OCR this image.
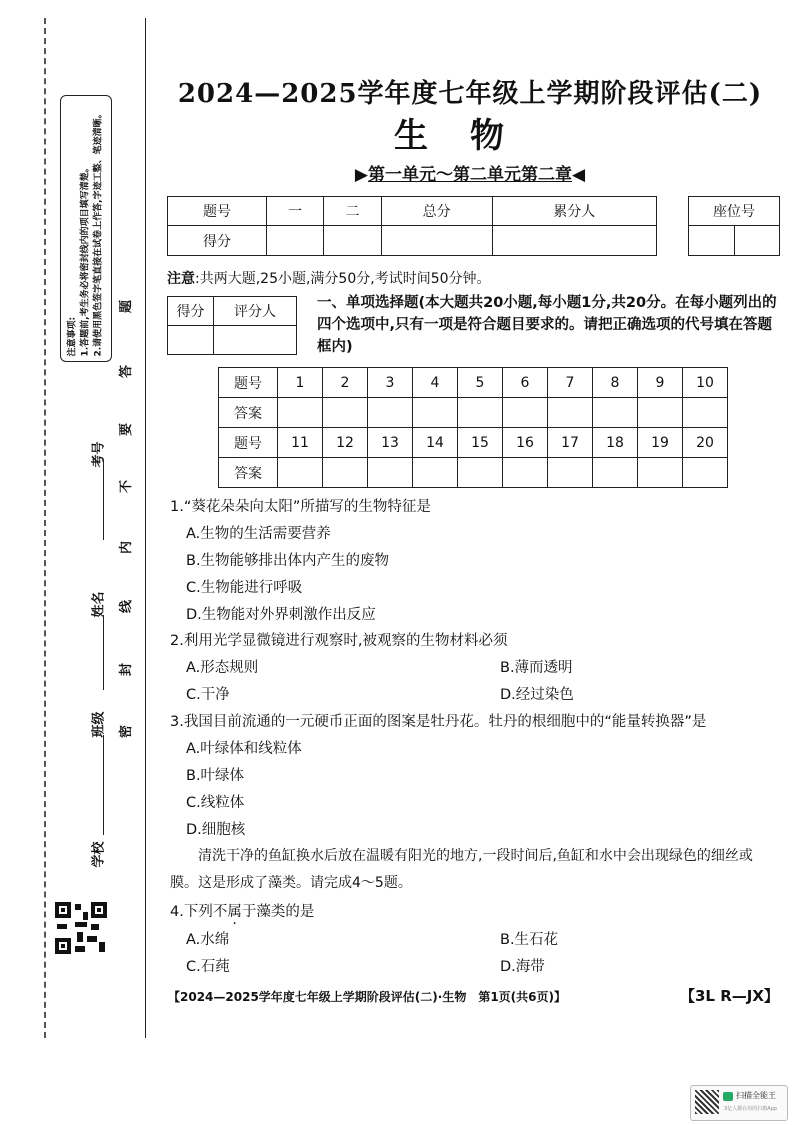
注意事项: 1.答题前,考生务必将密封线内的项目填写清楚。 2.请使用黑色签字笔直接在试卷上作答,字迹工整、笔迹清晰。
考号
姓名
班级
学校
密
封
线
内
不
要
答
题
2024—2025学年度七年级上学期阶段评估(二)
生物
▶第一单元～第二单元第二章◀
题号	一	二	总分	累分人
得分				
座位号

注意:共两大题,25小题,满分50分,考试时间50分钟。
得分	评分人

一、单项选择题(本大题共20小题,每小题1分,共20分。在每小题列出的四个选项中,只有一项是符合题目要求的。请把正确选项的代号填在答题框内)
题号	1	2	3	4	5	6	7	8	9	10
答案										
题号	11	12	13	14	15	16	17	18	19	20
答案										
1.“葵花朵朵向太阳”所描写的生物特征是
A.生物的生活需要营养
B.生物能够排出体内产生的废物
C.生物能进行呼吸
D.生物能对外界刺激作出反应
2.利用光学显微镜进行观察时,被观察的生物材料必须
A.形态规则	B.薄而透明
C.干净	D.经过染色
3.我国目前流通的一元硬币正面的图案是牡丹花。牡丹的根细胞中的“能量转换器”是
A.叶绿体和线粒体
B.叶绿体
C.线粒体
D.细胞核
清洗干净的鱼缸换水后放在温暖有阳光的地方,一段时间后,鱼缸和水中会出现绿色的细丝或膜。这是形成了藻类。请完成4～5题。
4.下列不属于藻类的是
A.水绵	B.生石花
C.石莼	D.海带
【2024—2025学年度七年级上学期阶段评估(二)·生物　第1页(共6页)】	【3L R—JX】
扫描全能王
3亿人都在用的扫描App
